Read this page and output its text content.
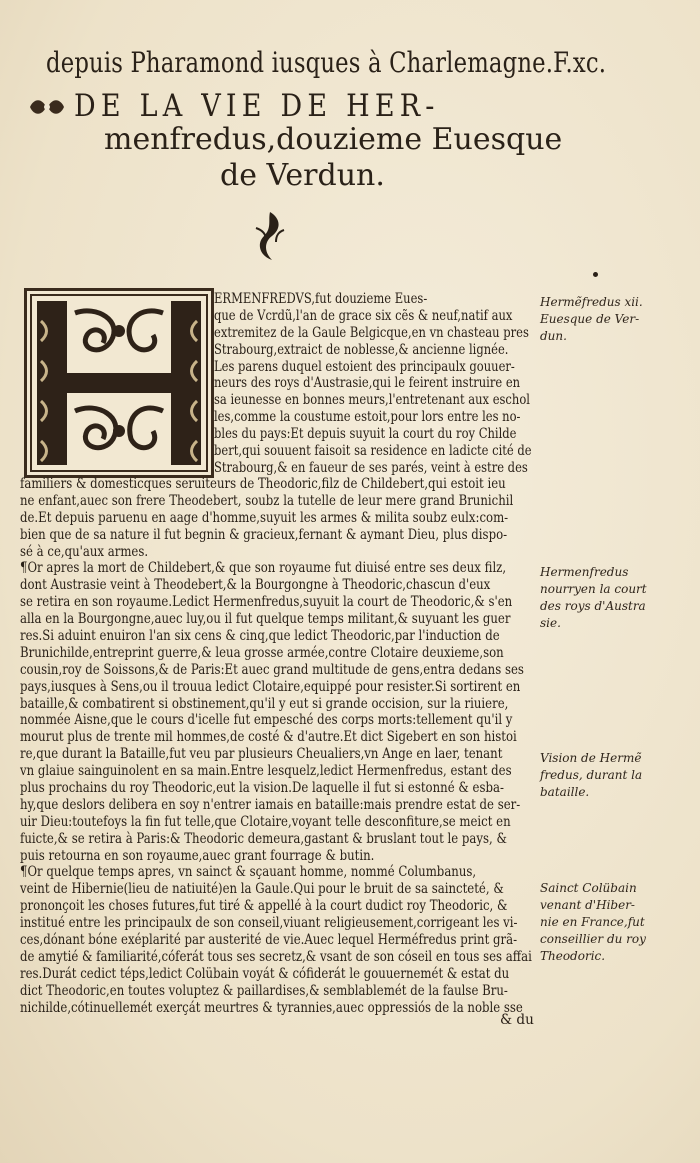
depuis Pharamond iusques à Charlemagne.F.xc.
DE LA VIE DE HER-
menfredus,douzieme Euesque
de Verdun.
ERMENFREDVS,fut douzieme Eues-
que de Vcrdũ,l'an de grace six cẽs & neuf,natif aux
extremitez de la Gaule Belgicque,en vn chasteau pres
Strabourg,extraict de noblesse,& ancienne lignée.
Les parens duquel estoient des principaulx gouuer-
neurs des roys d'Austrasie,qui le feirent instruire en
sa ieunesse en bonnes meurs,l'entretenant aux eschol
les,comme la coustume estoit,pour lors entre les no-
bles du pays:Et depuis suyuit la court du roy Childe
bert,qui souuent faisoit sa residence en ladicte cité de
Strabourg,& en faueur de ses parés, veint à estre des
familiers & domesticques seruiteurs de Theodoric,filz de Childebert,qui estoit ieu
ne enfant,auec son frere Theodebert, soubz la tutelle de leur mere grand Brunichil
de.Et depuis paruenu en aage d'homme,suyuit les armes & milita soubz eulx:com-
bien que de sa nature il fut begnin & gracieux,fernant & aymant Dieu, plus dispo-
sé à ce,qu'aux armes.
¶Or apres la mort de Childebert,& que son royaume fut diuisé entre ses deux filz,
dont Austrasie veint à Theodebert,& la Bourgongne à Theodoric,chascun d'eux
se retira en son royaume.Ledict Hermenfredus,suyuit la court de Theodoric,& s'en
alla en la Bourgongne,auec luy,ou il fut quelque temps militant,& suyuant les guer
res.Si aduint enuiron l'an six cens & cinq,que ledict Theodoric,par l'induction de
Brunichilde,entreprint guerre,& leua grosse armée,contre Clotaire deuxieme,son
cousin,roy de Soissons,& de Paris:Et auec grand multitude de gens,entra dedans ses
pays,iusques à Sens,ou il trouua ledict Clotaire,equippé pour resister.Si sortirent en
bataille,& combatirent si obstinement,qu'il y eut si grande occision, sur la riuiere,
nommée Aisne,que le cours d'icelle fut empesché des corps morts:tellement qu'il y
mourut plus de trente mil hommes,de costé & d'autre.Et dict Sigebert en son histoi
re,que durant la Bataille,fut veu par plusieurs Cheualiers,vn Ange en laer, tenant
vn glaiue sainguinolent en sa main.Entre lesquelz,ledict Hermenfredus, estant des
plus prochains du roy Theodoric,eut la vision.De laquelle il fut si estonné & esba-
hy,que deslors delibera en soy n'entrer iamais en bataille:mais prendre estat de ser-
uir Dieu:toutefoys la fin fut telle,que Clotaire,voyant telle desconfiture,se meict en
fuicte,& se retira à Paris:& Theodoric demeura,gastant & bruslant tout le pays, &
puis retourna en son royaume,auec grant fourrage & butin.
¶Or quelque temps apres, vn sainct & sçauant homme, nommé Columbanus,
veint de Hibernie(lieu de natiuité)en la Gaule.Qui pour le bruit de sa saincteté, &
prononçoit les choses futures,fut tiré & appellé à la court dudict roy Theodoric, &
institué entre les principaulx de son conseil,viuant religieusement,corrigeant les vi-
ces,dónant bóne exéplarité par austerité de vie.Auec lequel Herméfredus print grã-
de amytié & familiarité,cóferát tous ses secretz,& vsant de son cóseil en tous ses affai
res.Durát cedict téps,ledict Colübain voyát & cófiderát le gouuernemét & estat du
dict Theodoric,en toutes voluptez & paillardises,& semblablemét de la faulse Bru-
nichilde,cótinuellemét exerçát meurtres & tyrannies,auec oppressiós de la noble sse
& du
Hermẽfredus xii.
Euesque de Ver-
dun.
Hermenfredus
nourryen la court
des roys d'Austra
sie.
Vision de Hermẽ
fredus, durant la
bataille.
Sainct Colübain
venant d'Hiber-
nie en France,fut
conseillier du roy
Theodoric.
